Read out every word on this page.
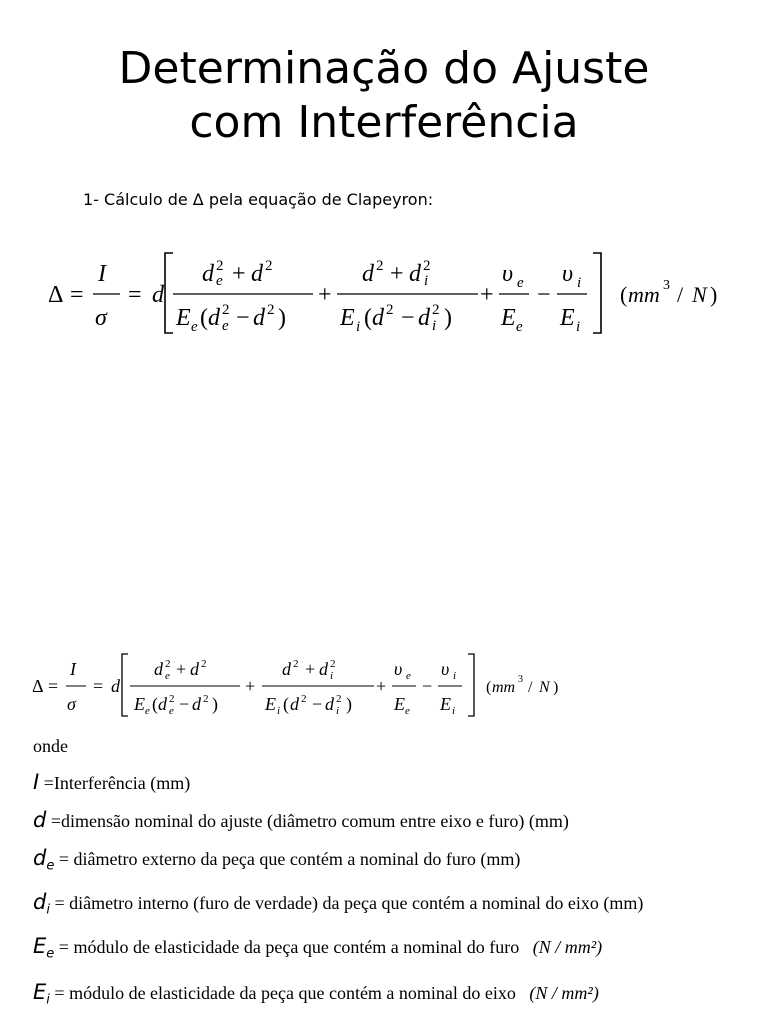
Determinação do Ajuste
com Interferência
1- Cálculo de Δ pela equação de Clapeyron:
Δ =
I
σ
= d
d 2
e + d 2
E e ( d 2
e − d 2 )
+
d 2 + d 2
i
E i ( d 2 − d 2
i )
+
υ e
E e
−
υ i
E i
( mm 3 / N )
Δ =
I
σ
= d
d 2
e + d 2
E e ( d 2
e − d 2 )
+
d 2 + d 2
i
E i ( d 2 − d 2
i )
+
υ e
E e
−
υ i
E i
( mm 3 / N )
onde
I =Interferência (mm)
d =dimensão nominal do ajuste (diâmetro comum entre eixo e furo) (mm)
$d_e$ = diâmetro externo da peça que contém a nominal do furo (mm)
$d_i$ = diâmetro interno (furo de verdade) da peça que contém a nominal do eixo (mm)
$E_e$ = módulo de elasticidade da peça que contém a nominal do furo (N / mm²)
$E_i$ = módulo de elasticidade da peça que contém a nominal do eixo (N / mm²)
